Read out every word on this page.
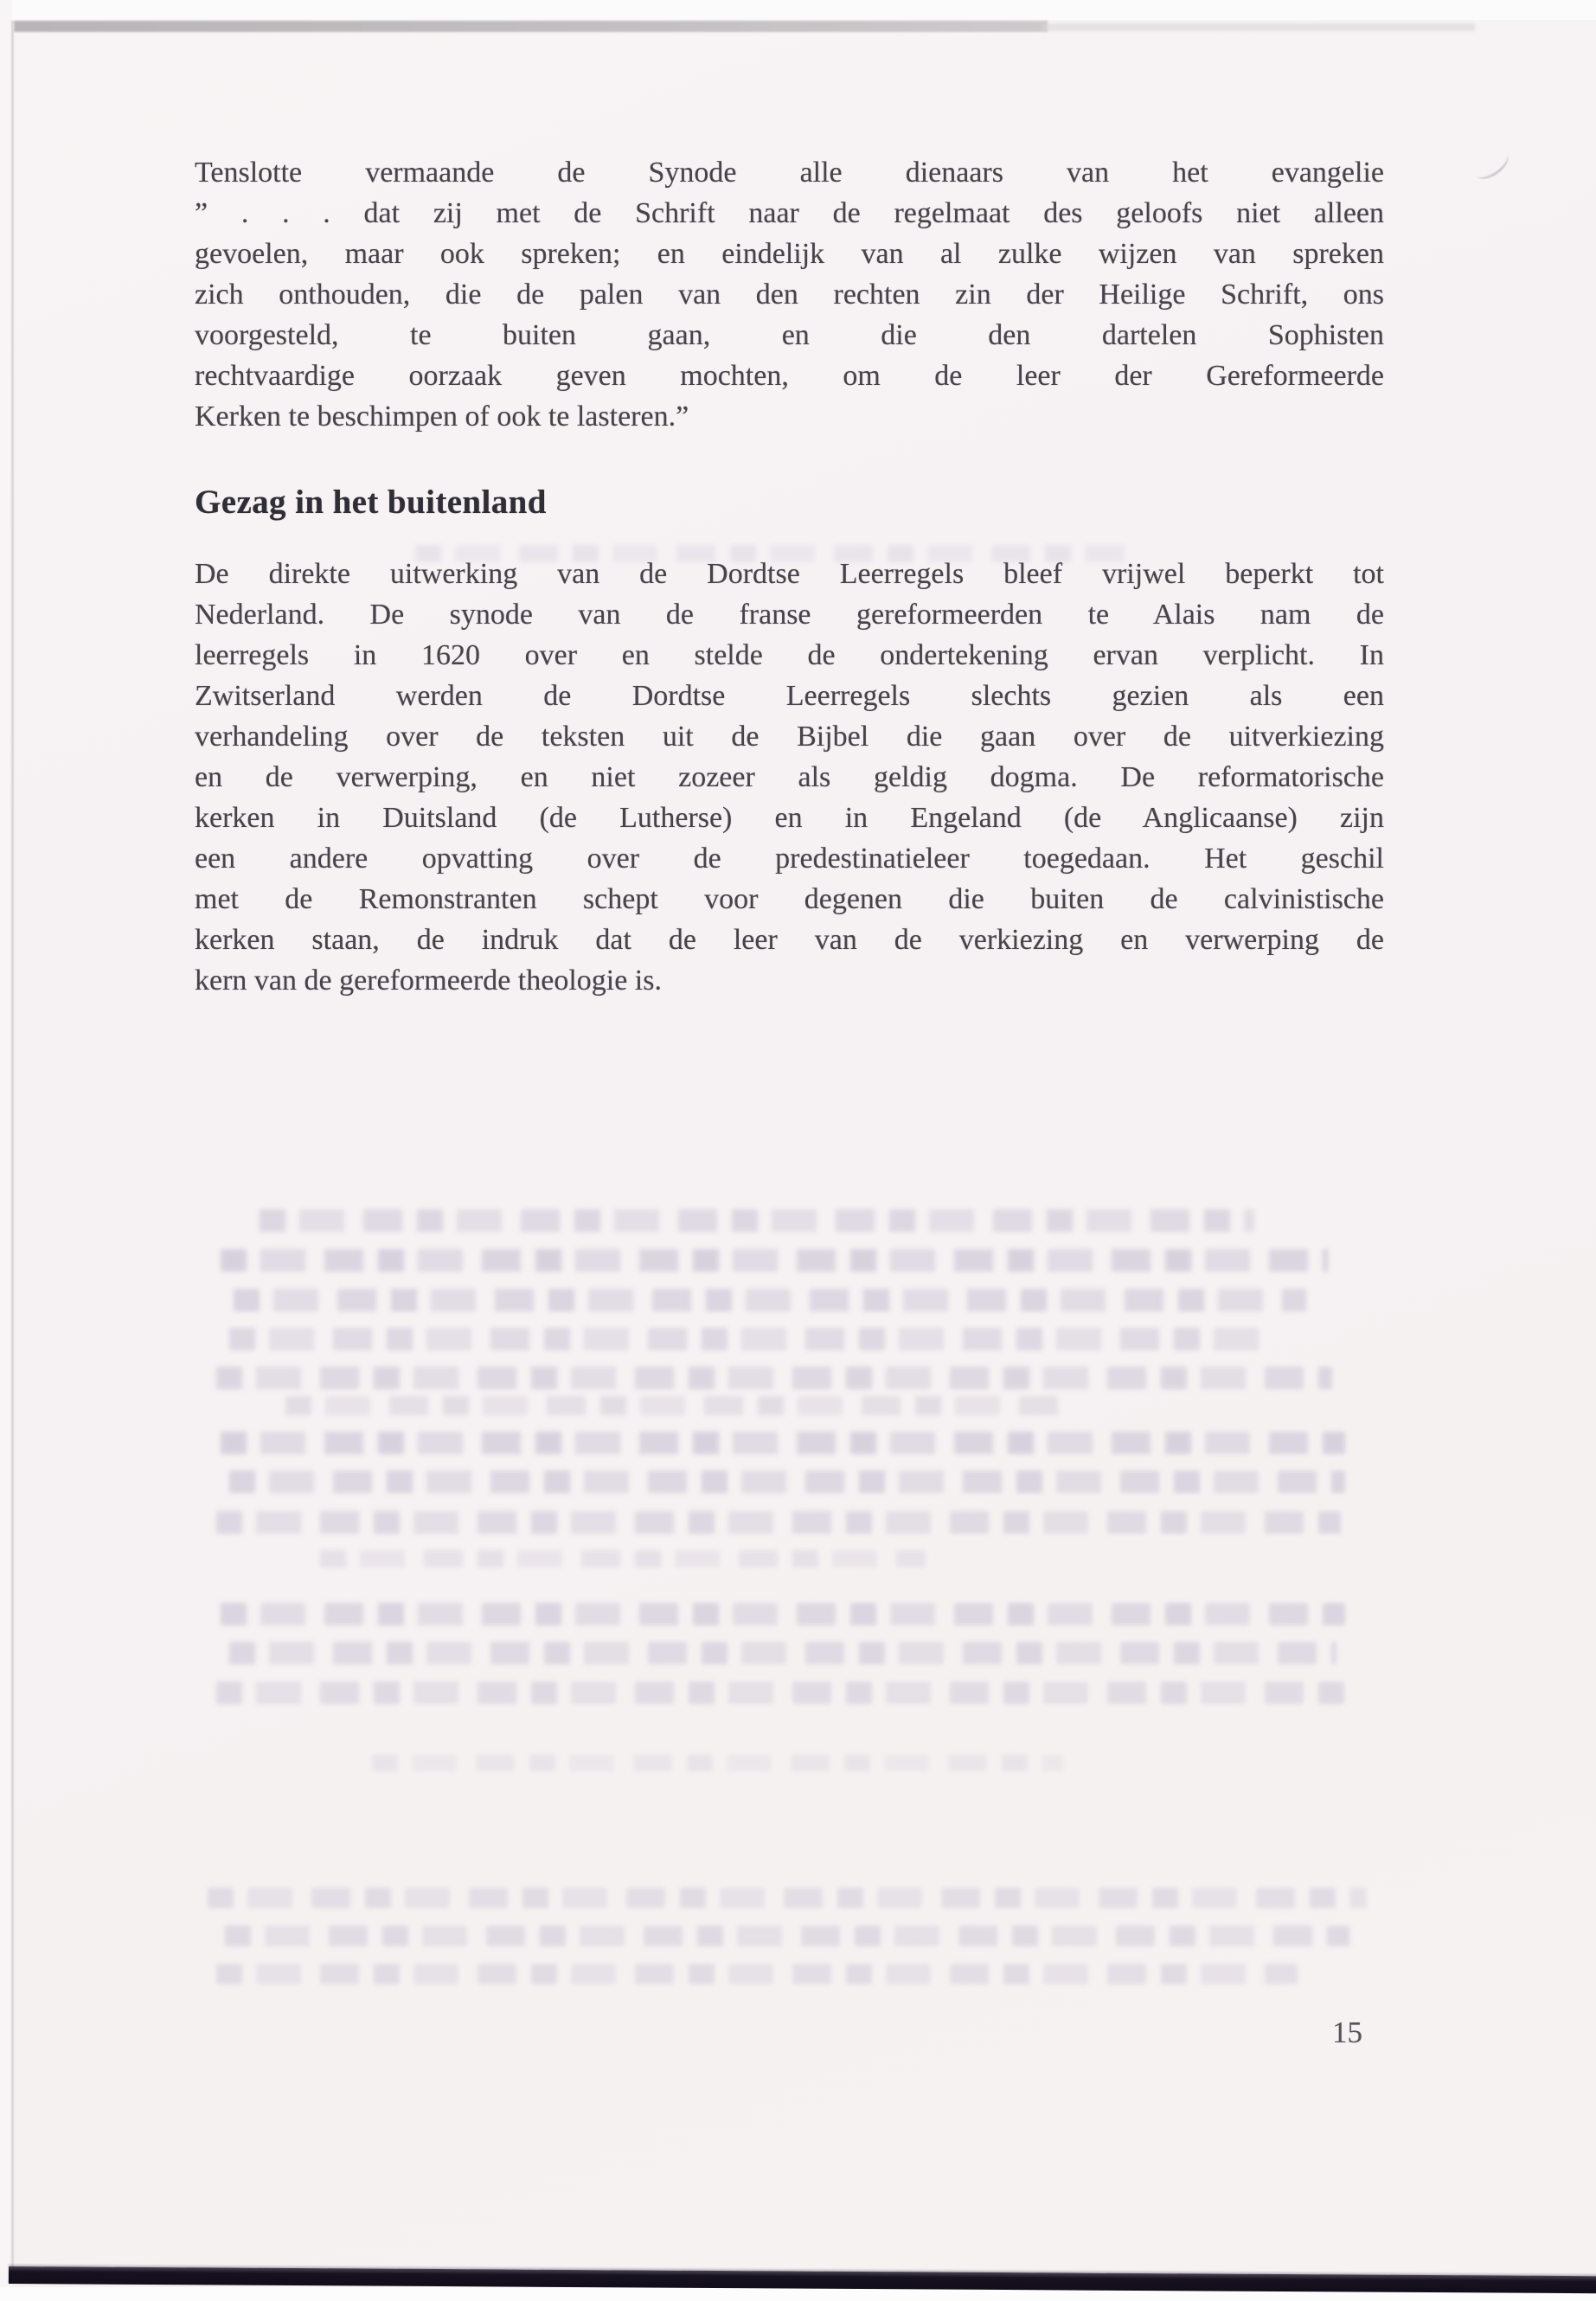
Tenslotte vermaande de Synode alle dienaars van het evangelie
” . . . dat zij met de Schrift naar de regelmaat des geloofs niet alleen
gevoelen, maar ook spreken; en eindelijk van al zulke wijzen van spreken
zich onthouden, die de palen van den rechten zin der Heilige Schrift, ons
voorgesteld, te buiten gaan, en die den dartelen Sophisten
rechtvaardige oorzaak geven mochten, om de leer der Gereformeerde
Kerken te beschimpen of ook te lasteren.”
Gezag in het buitenland
De direkte uitwerking van de Dordtse Leerregels bleef vrijwel beperkt tot
Nederland. De synode van de franse gereformeerden te Alais nam de
leerregels in 1620 over en stelde de ondertekening ervan verplicht. In
Zwitserland werden de Dordtse Leerregels slechts gezien als een
verhandeling over de teksten uit de Bijbel die gaan over de uitverkiezing
en de verwerping, en niet zozeer als geldig dogma. De reformatorische
kerken in Duitsland (de Lutherse) en in Engeland (de Anglicaanse) zijn
een andere opvatting over de predestinatieleer toegedaan. Het geschil
met de Remonstranten schept voor degenen die buiten de calvinistische
kerken staan, de indruk dat de leer van de verkiezing en verwerping de
kern van de gereformeerde theologie is.
15
